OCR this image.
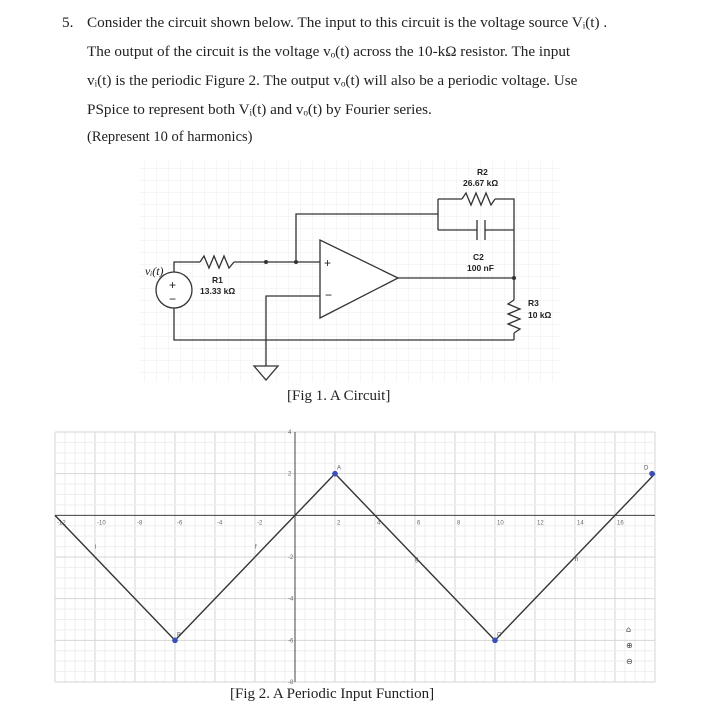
5. Consider the circuit shown below. The input to this circuit is the voltage source Vᵢ(t) .
The output of the circuit is the voltage vₒ(t) across the 10-kΩ resistor. The input
vᵢ(t) is the periodic Figure 2. The output vₒ(t) will also be a periodic voltage. Use
PSpice to represent both Vᵢ(t) and vₒ(t) by Fourier series.
(Represent 10 of harmonics)
+
−
+
−
vᵢ(t)
R1
13.33 kΩ
R2
26.67 kΩ
C2
100 nF
R3
10 kΩ
[Fig 1. A Circuit]
-12	-10	-8	-6	-4	-2	2	4	6	8	10	12	14	16
4
2
-2
-4
-6
-8
A
B	C
D
i	f
g	h
⌂
⊕
⊖
[Fig 2. A Periodic Input Function]
